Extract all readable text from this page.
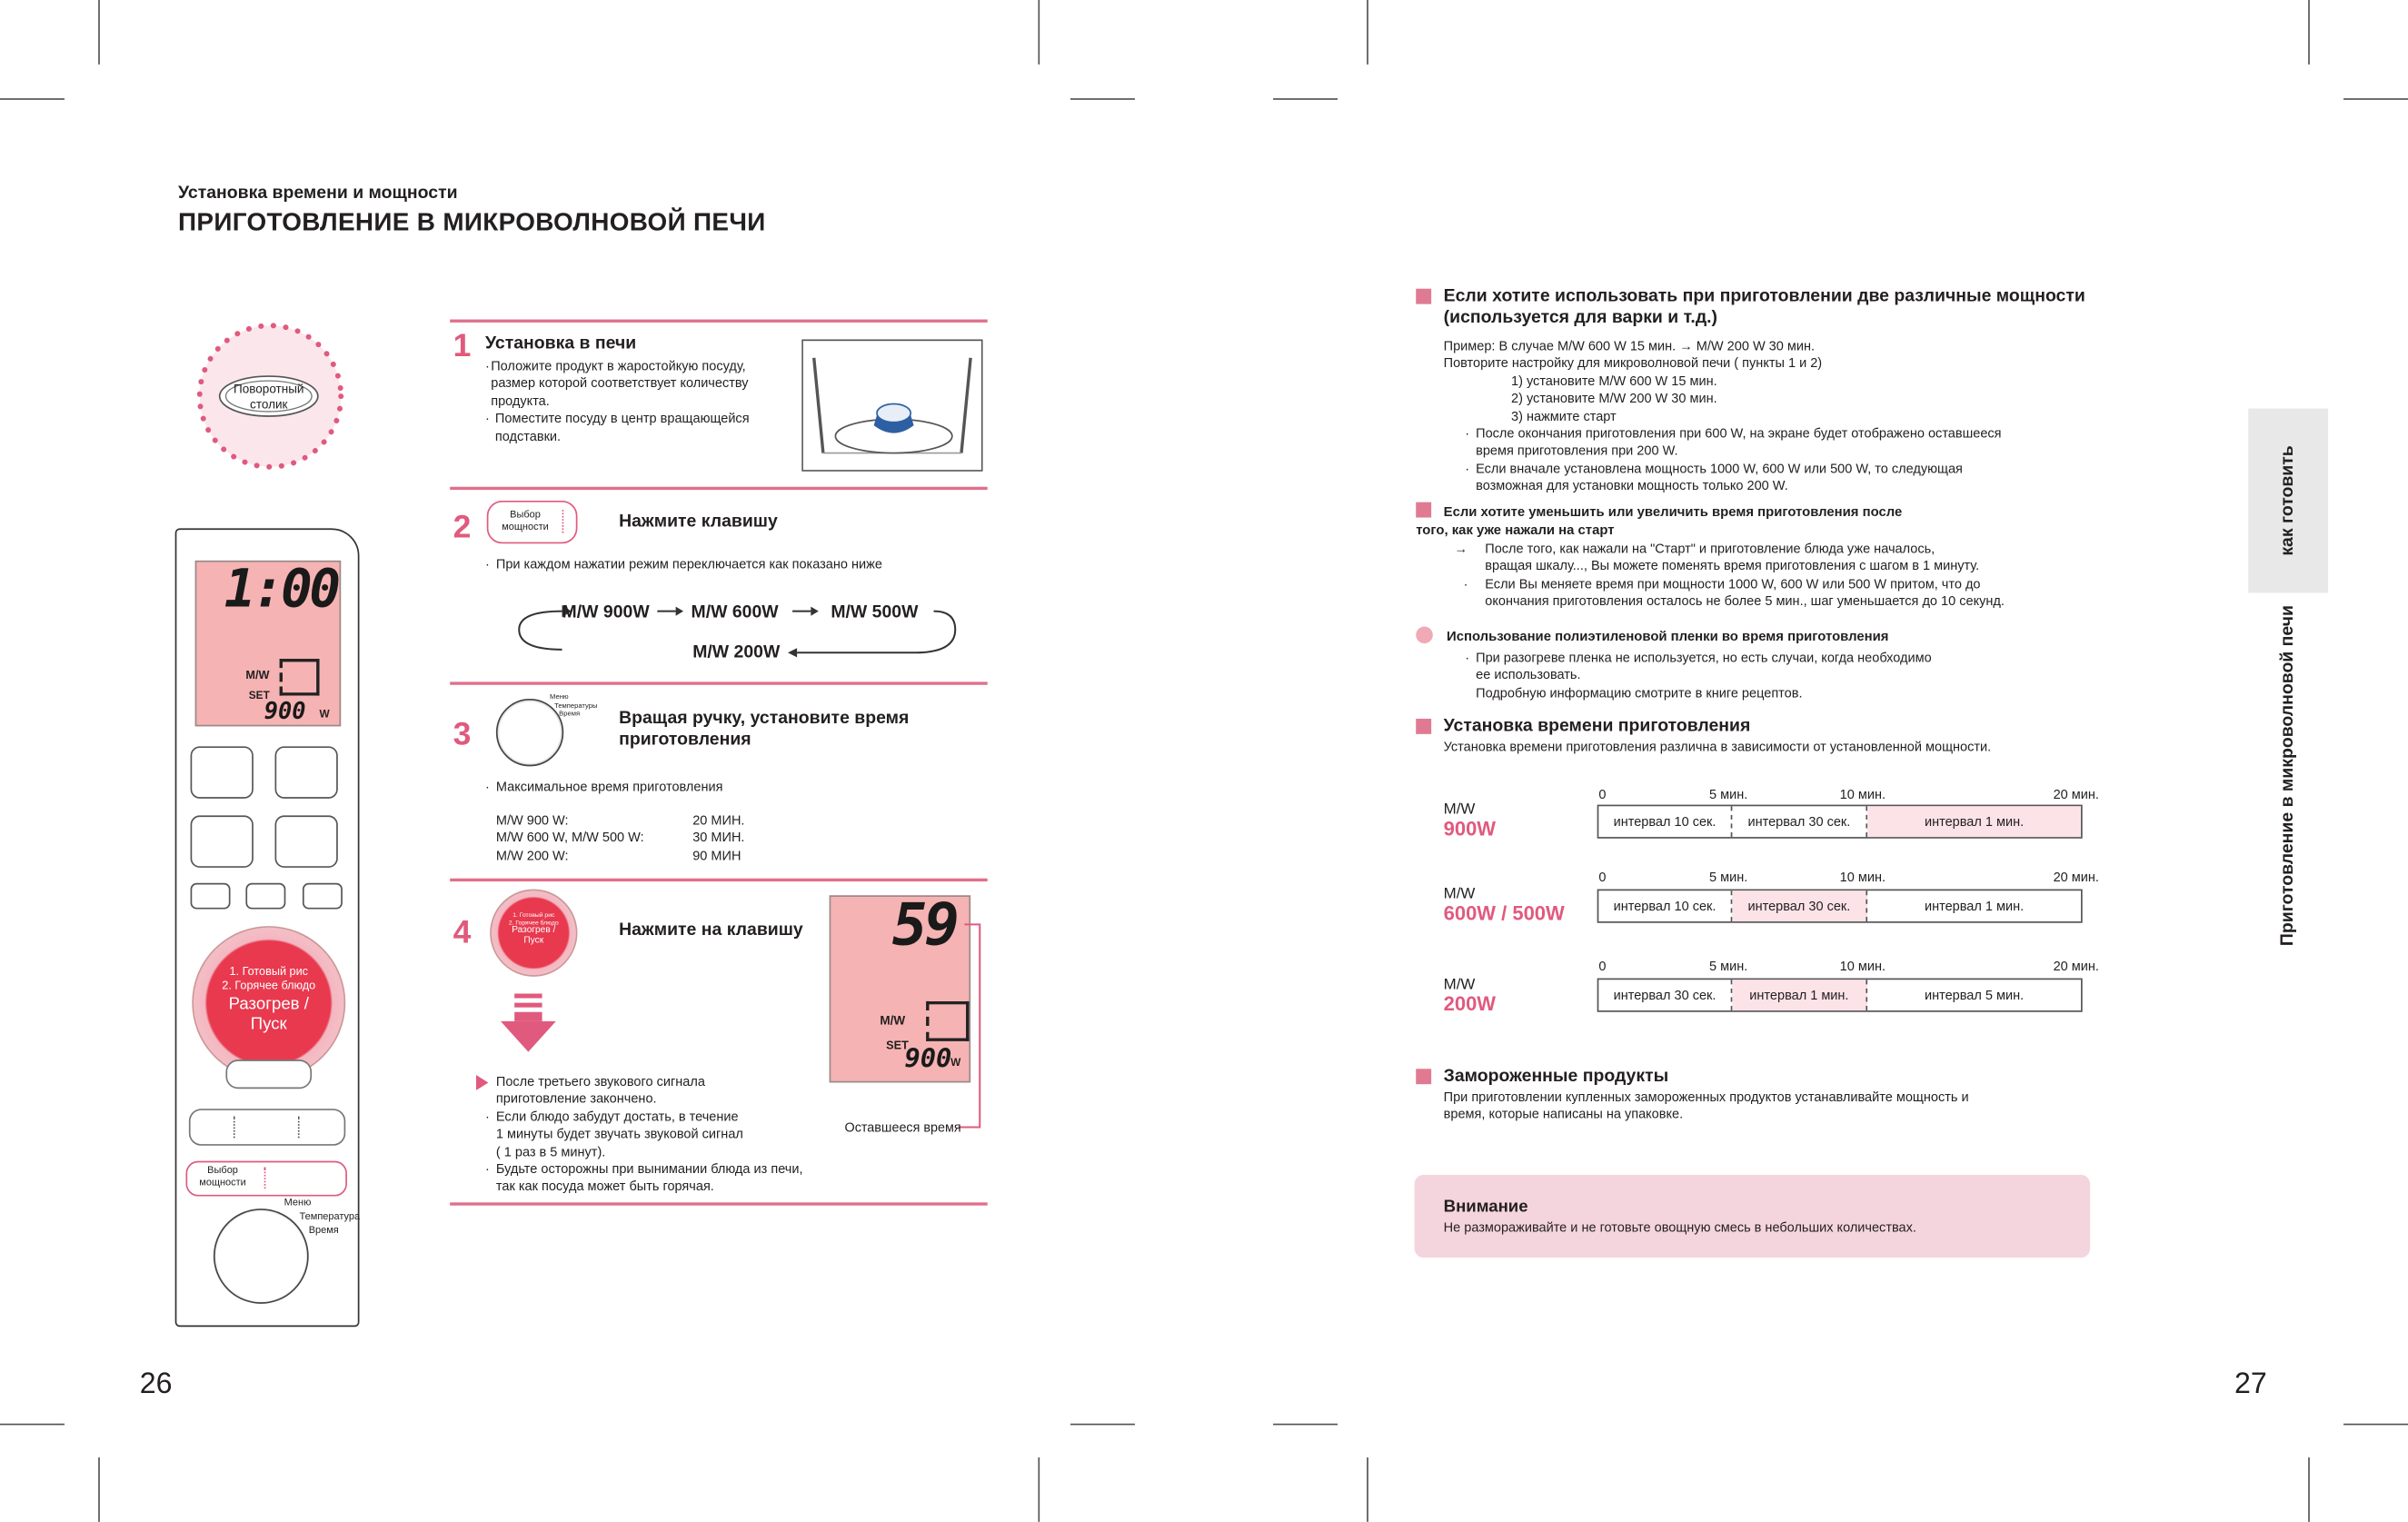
Установка времени и мощности
ПРИГОТОВЛЕНИЕ В МИКРОВОЛНОВОЙ ПЕЧИ
Поворотный столик
1:00
M/W
SET
900 W
1. Готовый рис
2. Горячее блюдо
Разогрев /
Пуск
Выбор
мощности
Меню
Температура
Время
1 Установка в печи
· Положите продукт в жаростойкую посуду, размер которой соответствует количеству продукта.
· Поместите посуду в центр вращающейся подставки.
2	Выбор
мощности	Нажмите клавишу
· При каждом нажатии режим переключается как показано ниже
M/W 900W	M/W 600W	M/W 500W
M/W 200W
3
Меню
Температуры
Время	Вращая ручку, установите время
приготовления
· Максимальное время приготовления
M/W 900 W:	20 МИН.
M/W 600 W, M/W 500 W:	30 МИН.
M/W 200 W:	90 МИН
4
1. Готовый рис
2. Горячее блюдо
Разогрев /
Пуск
Нажмите на клавишу	59
M/W
SET
900
W
Оставшееся время
После третьего звукового сигнала
приготовление закончено.
· Если блюдо забудут достать, в течение
1 минуты будет звучать звуковой сигнал
( 1 раз в 5 минут).
· Будьте осторожны при вынимании блюда из печи,
так как посуда может быть горячая.
26
Если хотите использовать при приготовлении две различные мощности
(используется для варки и т.д.)
Пример: В случае M/W 600 W 15 мин. → M/W 200 W 30 мин.
Повторите настройку для микроволновой печи ( пункты 1 и 2)
1) установите M/W 600 W 15 мин.
2) установите M/W 200 W 30 мин.
3) нажмите старт
· После окончания приготовления при 600 W, на экране будет отображено оставшееся
время приготовления при 200 W.
· Если вначале установлена мощность 1000 W, 600 W или 500 W, то следующая
возможная для установки мощность только 200 W.
Если хотите уменьшить или увеличить время приготовления после
того, как уже нажали на старт
→	После того, как нажали на "Старт" и приготовление блюда уже началось,
вращая шкалу..., Вы можете поменять время приготовления с шагом в 1 минуту.
·	Если Вы меняете время при мощности 1000 W, 600 W или 500 W притом, что до
окончания приготовления осталось не более 5 мин., шаг уменьшается до 10 секунд.
Использование полиэтиленовой пленки во время приготовления
· При разогреве пленка не используется, но есть случаи, когда необходимо
ее использовать.
Подробную информацию смотрите в книге рецептов.
Установка времени приготовления
Установка времени приготовления различна в зависимости от установленной мощности.
M/W
900W
0	5 мин.	10 мин.	20 мин.
интервал 10 сек.	интервал 30 сек.	интервал 1 мин.
M/W
600W / 500W
0	5 мин.	10 мин.	20 мин.
интервал 10 сек.	интервал 30 сек.	интервал 1 мин.
M/W
200W
0	5 мин.	10 мин.	20 мин.
интервал 30 сек.	интервал 1 мин.	интервал 5 мин.
Замороженные продукты
При приготовлении купленных замороженных продуктов устанавливайте мощность и
время, которые написаны на упаковке.
Внимание
Не размораживайте и не готовьте овощную смесь в небольших количествах.
как готовить
Приготовление в микроволновой печи
27
